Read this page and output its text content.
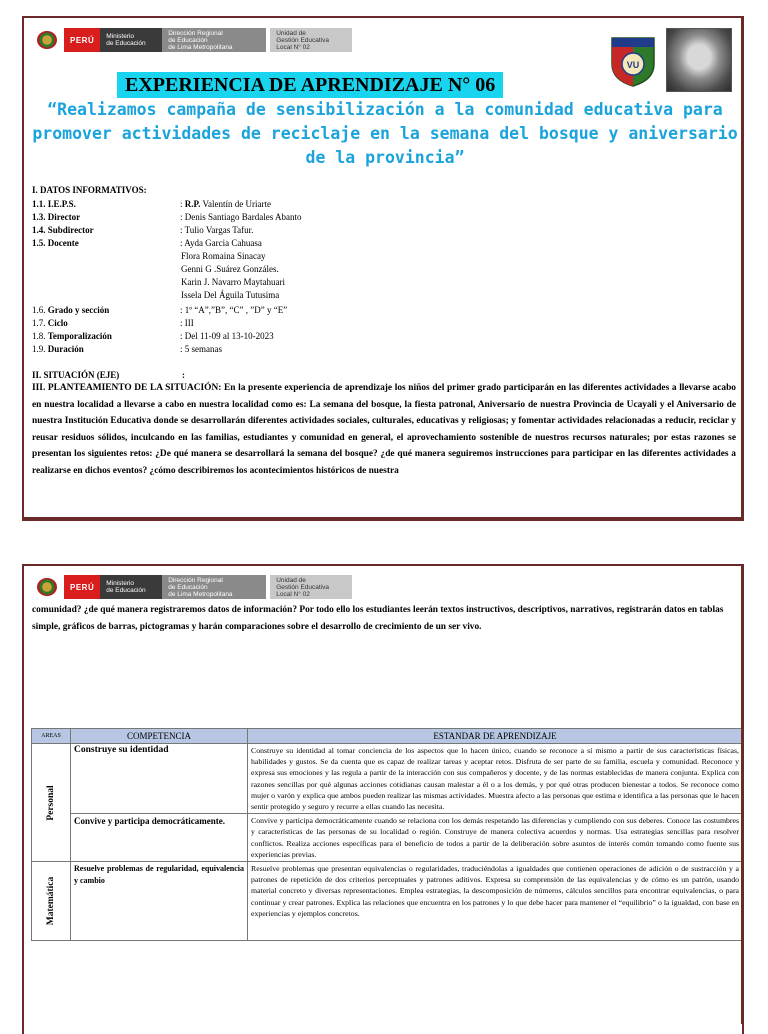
PERÚ	Ministerio
de Educación
Dirección Regional
de Educación
de Lima Metropolitana
Unidad de
Gestión Educativa
Local N° 02
VU
EXPERIENCIA DE APRENDIZAJE N° 06
“Realizamos campaña de sensibilización a la comunidad educativa para promover actividades de reciclaje en la semana del bosque y aniversario de la provincia”
I. DATOS INFORMATIVOS:
1.1. I.E.P.S.	: R.P. Valentín de Uriarte
1.3. Director	: Denis Santiago Bardales Abanto
1.4. Subdirector	: Tulio Vargas Tafur.
1.5. Docente	: Ayda Garcia Cahuasa
Flora Romaina Sinacay
Genni G .Suárez Gonzáles.
Karin J. Navarro Maytahuari
Issela Del Águila Tutusima
1.6. Grado y sección	: 1º “A”,”B”, “C” , ”D” y “E”
1.7. Ciclo	: III
1.8. Temporalización	: Del 11-09 al 13-10-2023
1.9. Duración	: 5 semanas
II. SITUACIÓN (EJE)	:
III. PLANTEAMIENTO DE LA SITUACIÓN: En la presente experiencia de aprendizaje los niños del primer grado participarán en las diferentes actividades a llevarse acabo en nuestra localidad a llevarse a cabo en nuestra localidad como es: La semana del bosque, la fiesta patronal, Aniversario de nuestra Provincia de Ucayali y el Aniversario de nuestra Institución Educativa donde se desarrollarán diferentes actividades sociales, culturales, educativas y religiosas; y fomentar actividades relacionadas a reducir, reciclar y reusar residuos sólidos, inculcando en las familias, estudiantes y comunidad en general, el aprovechamiento sostenible de nuestros recursos naturales; por estas razones se presentan los siguientes retos: ¿De qué manera se desarrollará la semana del bosque? ¿de qué manera seguiremos instrucciones para participar en las diferentes actividades a realizarse en dichos eventos? ¿cómo describiremos los acontecimientos históricos de nuestra
PERÚ	Ministerio
de Educación
Dirección Regional
de Educación
de Lima Metropolitana
Unidad de
Gestión Educativa
Local N° 02
comunidad? ¿de qué manera registraremos datos de información? Por todo ello los estudiantes leerán textos instructivos, descriptivos, narrativos, registrarán datos en tablas simple, gráficos de barras, pictogramas y harán comparaciones sobre el desarrollo de crecimiento de un ser vivo.
AREAS	COMPETENCIA	ESTANDAR DE APRENDIZAJE

Personal	Construye su identidad	Construye su identidad al tomar conciencia de los aspectos que lo hacen único, cuando se reconoce a sí mismo a partir de sus características físicas, habilidades y gustos. Se da cuenta que es capaz de realizar tareas y aceptar retos. Disfruta de ser parte de su familia, escuela y comunidad. Reconoce y expresa sus emociones y las regula a partir de la interacción con sus compañeros y docente, y de las normas establecidas de manera conjunta. Explica con razones sencillas por qué algunas acciones cotidianas causan malestar a él o a los demás, y por qué otras producen bienestar a todos. Se reconoce como mujer o varón y explica que ambos pueden realizar las mismas actividades. Muestra afecto a las personas que estima e identifica a las personas que le hacen sentir protegido y seguro y recurre a ellas cuando las necesita.
	Convive y participa democráticamente.	Convive y participa democráticamente cuando se relaciona con los demás respetando las diferencias y cumpliendo con sus deberes. Conoce las costumbres y características de las personas de su localidad o región. Construye de manera colectiva acuerdos y normas. Usa estrategias sencillas para resolver conflictos. Realiza acciones específicas para el beneficio de todos a partir de la deliberación sobre asuntos de interés común tomando como fuente sus experiencias previas.

Matemática	Resuelve problemas de regularidad, equivalencia y cambio	Resuelve problemas que presentan equivalencias o regularidades, traduciéndolas a igualdades que contienen operaciones de adición o de sustracción y a patrones de repetición de dos criterios perceptuales y patrones aditivos. Expresa su comprensión de las equivalencias y de cómo es un patrón, usando material concreto y diversas representaciones. Emplea estrategias, la descomposición de números, cálculos sencillos para encontrar equivalencias, o para continuar y crear patrones. Explica las relaciones que encuentra en los patrones y lo que debe hacer para mantener el “equilibrio” o la igualdad, con base en experiencias y ejemplos concretos.
